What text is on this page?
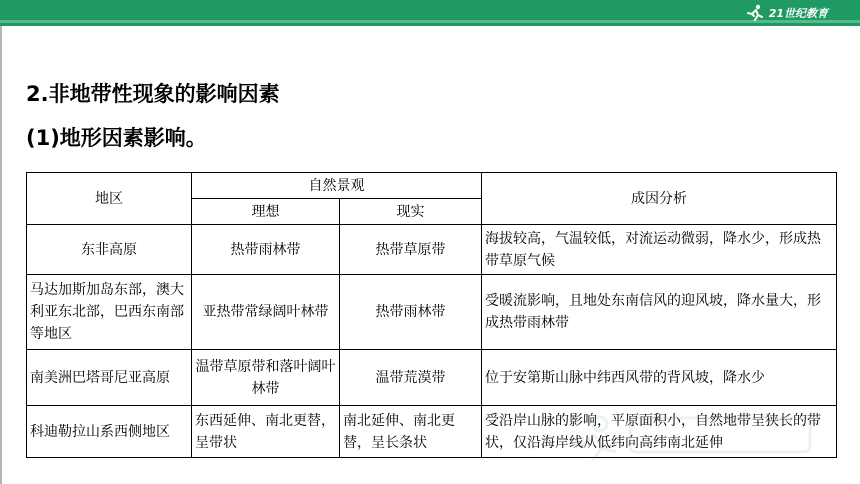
21世纪教育
2.非地带性现象的影响因素
(1)地形因素影响。
地区	自然景观		成因分析
	理想	现实	
东非高原	热带雨林带	热带草原带	海拔较高，气温较低，对流运动微弱，降水少，形成热带草原气候
马达加斯加岛东部，澳大利亚东北部，巴西东南部等地区	亚热带常绿阔叶林带	热带雨林带	受暖流影响，且地处东南信风的迎风坡，降水量大，形成热带雨林带
南美洲巴塔哥尼亚高原	温带草原带和落叶阔叶林带	温带荒漠带	位于安第斯山脉中纬西风带的背风坡，降水少
科迪勒拉山系西侧地区	东西延伸、南北更替，呈带状	南北延伸、南北更替，呈长条状	受沿岸山脉的影响，平原面积小，自然地带呈狭长的带状，仅沿海岸线从低纬向高纬南北延伸
